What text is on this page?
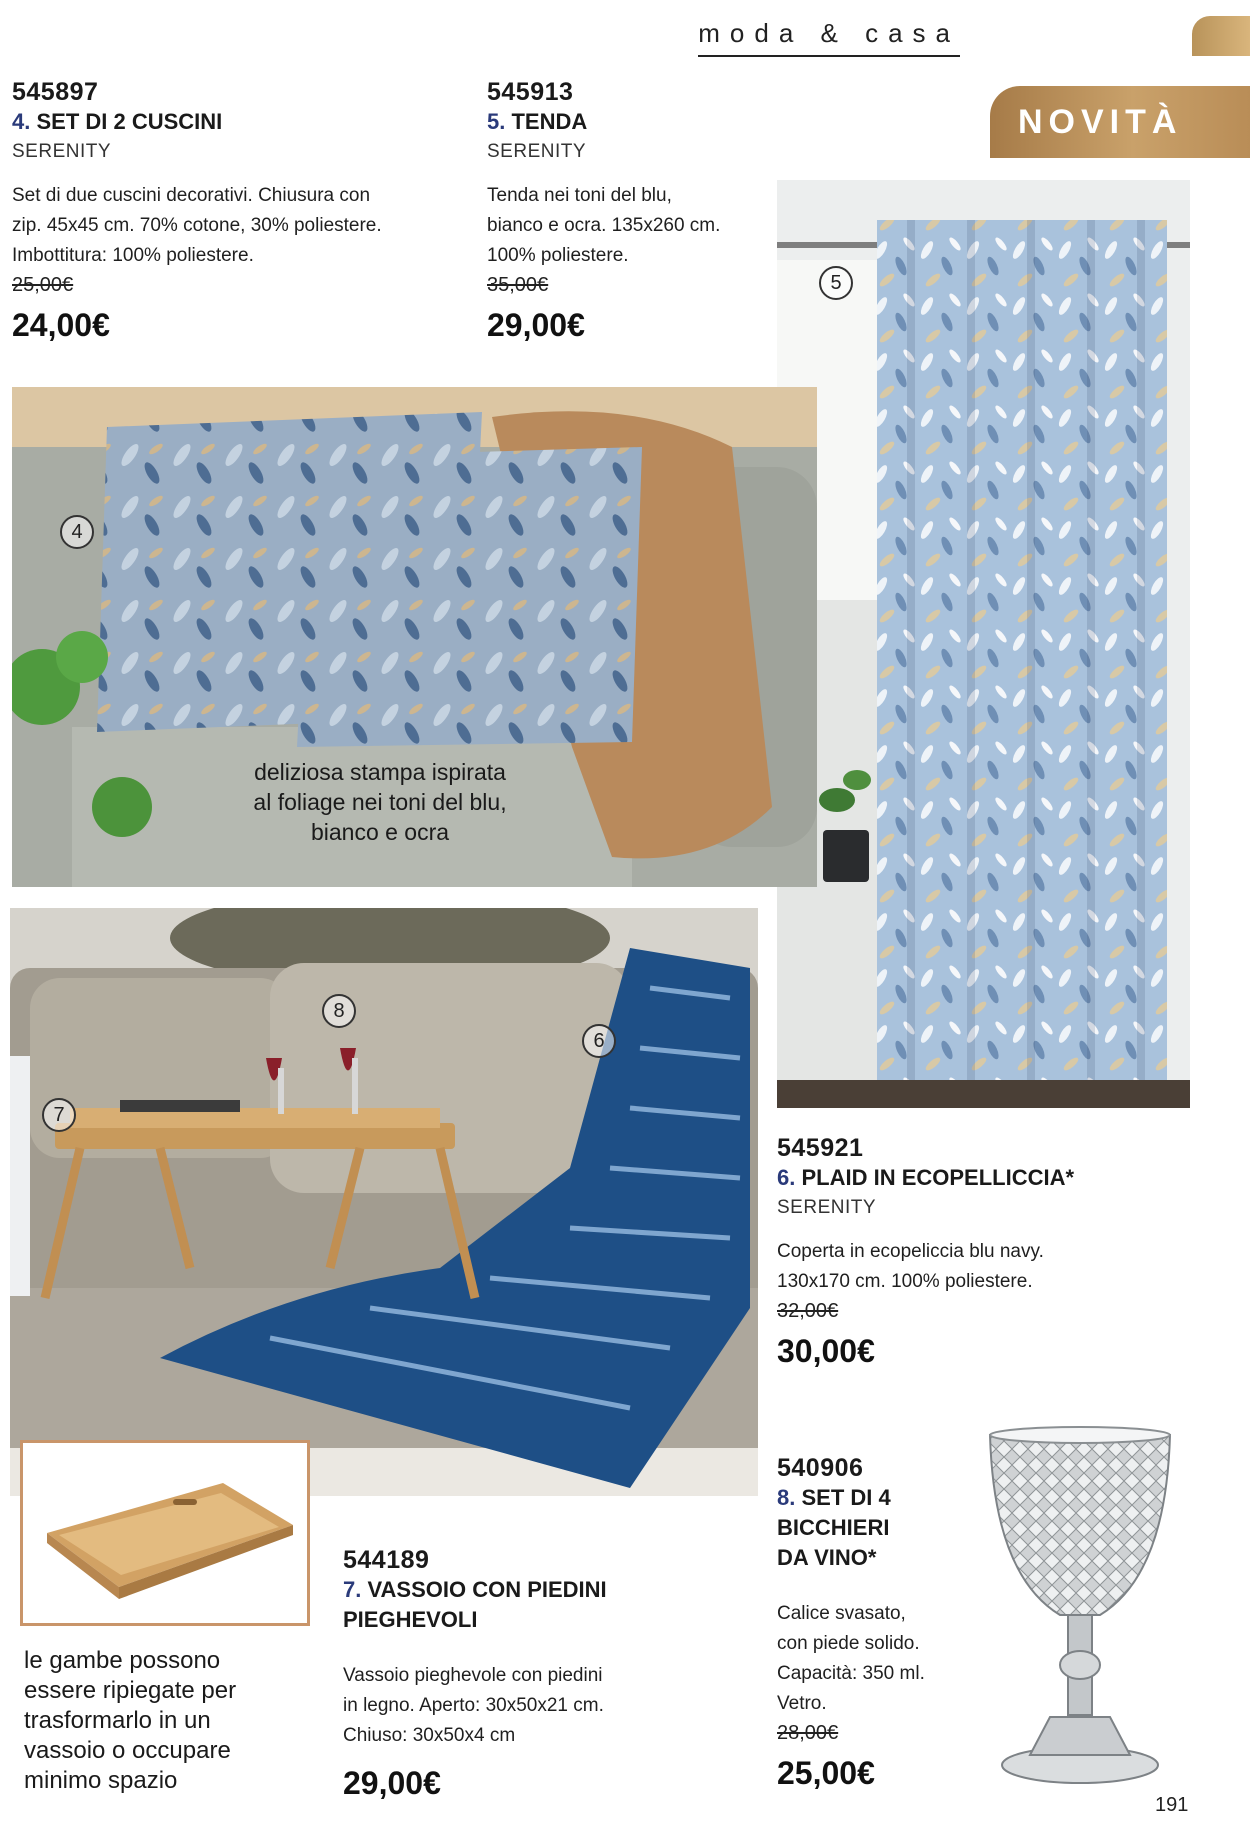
moda & casa
NOVITÀ
545897
4. SET DI 2 CUSCINI
SERENITY
Set di due cuscini decorativi. Chiusura con
zip. 45x45 cm. 70% cotone, 30% poliestere.
Imbottitura: 100% poliestere.
25,00€
24,00€
545913
5. TENDA
SERENITY
Tenda nei toni del blu,
bianco e ocra. 135x260 cm.
100% poliestere.
35,00€
29,00€
5
4
deliziosa stampa ispirata
al foliage nei toni del blu,
bianco e ocra
545921
6. PLAID IN ECOPELLICCIA*
SERENITY
Coperta in ecopeliccia blu navy.
130x170 cm. 100% poliestere.
32,00€
30,00€
8
6
7
le gambe possono
essere ripiegate per
trasformarlo in un
vassoio o occupare
minimo spazio
544189
7. VASSOIO CON PIEDINI
PIEGHEVOLI
Vassoio pieghevole con piedini
in legno. Aperto: 30x50x21 cm.
Chiuso: 30x50x4 cm
29,00€
540906
8. SET DI 4
BICCHIERI
DA VINO*
Calice svasato,
con piede solido.
Capacità: 350 ml.
Vetro.
28,00€
25,00€
191
